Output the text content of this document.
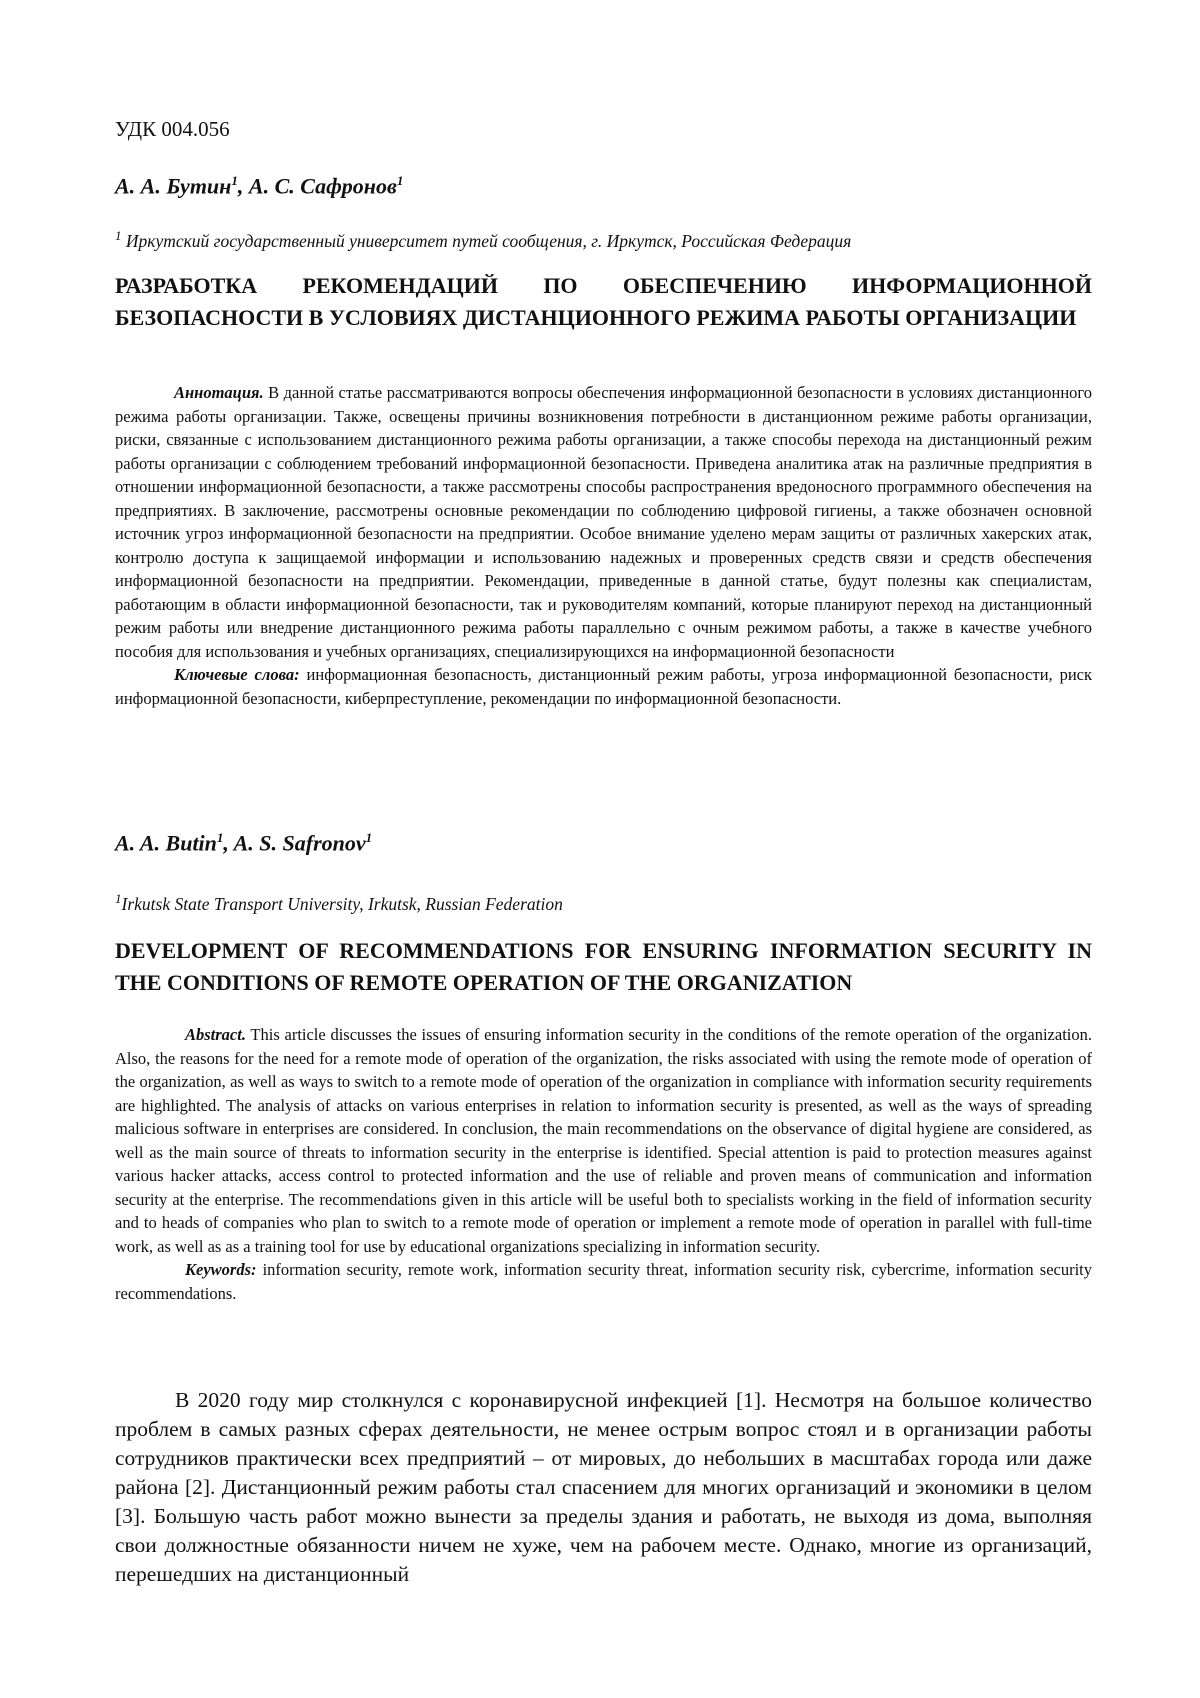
УДК 004.056
А. А. Бутин$^1$, А. С. Сафронов$^1$
$^1$ Иркутский государственный университет путей сообщения, г. Иркутск, Российская Федерация
РАЗРАБОТКА РЕКОМЕНДАЦИЙ ПО ОБЕСПЕЧЕНИЮ ИНФОРМАЦИОННОЙ БЕЗОПАСНОСТИ В УСЛОВИЯХ ДИСТАНЦИОННОГО РЕЖИМА РАБОТЫ ОРГАНИЗАЦИИ

Аннотация. В данной статье рассматриваются вопросы обеспечения информационной безопасности в условиях дистанционного режима работы организации. Также, освещены причины возникновения потребности в дистанционном режиме работы организации, риски, связанные с использованием дистанционного режима работы организации, а также способы перехода на дистанционный режим работы организации с соблюдением требований информационной безопасности. Приведена аналитика атак на различные предприятия в отношении информационной безопасности, а также рассмотрены способы распространения вредоносного программного обеспечения на предприятиях. В заключение, рассмотрены основные рекомендации по соблюдению цифровой гигиены, а также обозначен основной источник угроз информационной безопасности на предприятии. Особое внимание уделено мерам защиты от различных хакерских атак, контролю доступа к защищаемой информации и использованию надежных и проверенных средств связи и средств обеспечения информационной безопасности на предприятии. Рекомендации, приведенные в данной статье, будут полезны как специалистам, работающим в области информационной безопасности, так и руководителям компаний, которые планируют переход на дистанционный режим работы или внедрение дистанционного режима работы параллельно с очным режимом работы, а также в качестве учебного пособия для использования и учебных организациях, специализирующихся на информационной безопасности

Ключевые слова: информационная безопасность, дистанционный режим работы, угроза информационной безопасности, риск информационной безопасности, киберпреступление, рекомендации по информационной безопасности.

A. A. Butin$^1$, A. S. Safronov$^1$
$^1$Irkutsk State Transport University, Irkutsk, Russian Federation
DEVELOPMENT OF RECOMMENDATIONS FOR ENSURING INFORMATION SECURITY IN THE CONDITIONS OF REMOTE OPERATION OF THE ORGANIZATION

Abstract. This article discusses the issues of ensuring information security in the conditions of the remote operation of the organization. Also, the reasons for the need for a remote mode of operation of the organization, the risks associated with using the remote mode of operation of the organization, as well as ways to switch to a remote mode of operation of the organization in compliance with information security requirements are highlighted. The analysis of attacks on various enterprises in relation to information security is presented, as well as the ways of spreading malicious software in enterprises are considered. In conclusion, the main recommendations on the observance of digital hygiene are considered, as well as the main source of threats to information security in the enterprise is identified. Special attention is paid to protection measures against various hacker attacks, access control to protected information and the use of reliable and proven means of communication and information security at the enterprise. The recommendations given in this article will be useful both to specialists working in the field of information security and to heads of companies who plan to switch to a remote mode of operation or implement a remote mode of operation in parallel with full-time work, as well as as a training tool for use by educational organizations specializing in information security.

Keywords: information security, remote work, information security threat, information security risk, cybercrime, information security recommendations.

В 2020 году мир столкнулся с коронавирусной инфекцией [1]. Несмотря на большое количество проблем в самых разных сферах деятельности, не менее острым вопрос стоял и в организации работы сотрудников практически всех предприятий – от мировых, до небольших в масштабах города или даже района [2]. Дистанционный режим работы стал спасением для многих организаций и экономики в целом [3]. Большую часть работ можно вынести за пределы здания и работать, не выходя из дома, выполняя свои должностные обязанности ничем не хуже, чем на рабочем месте. Однако, многие из организаций, перешедших на дистанционный
